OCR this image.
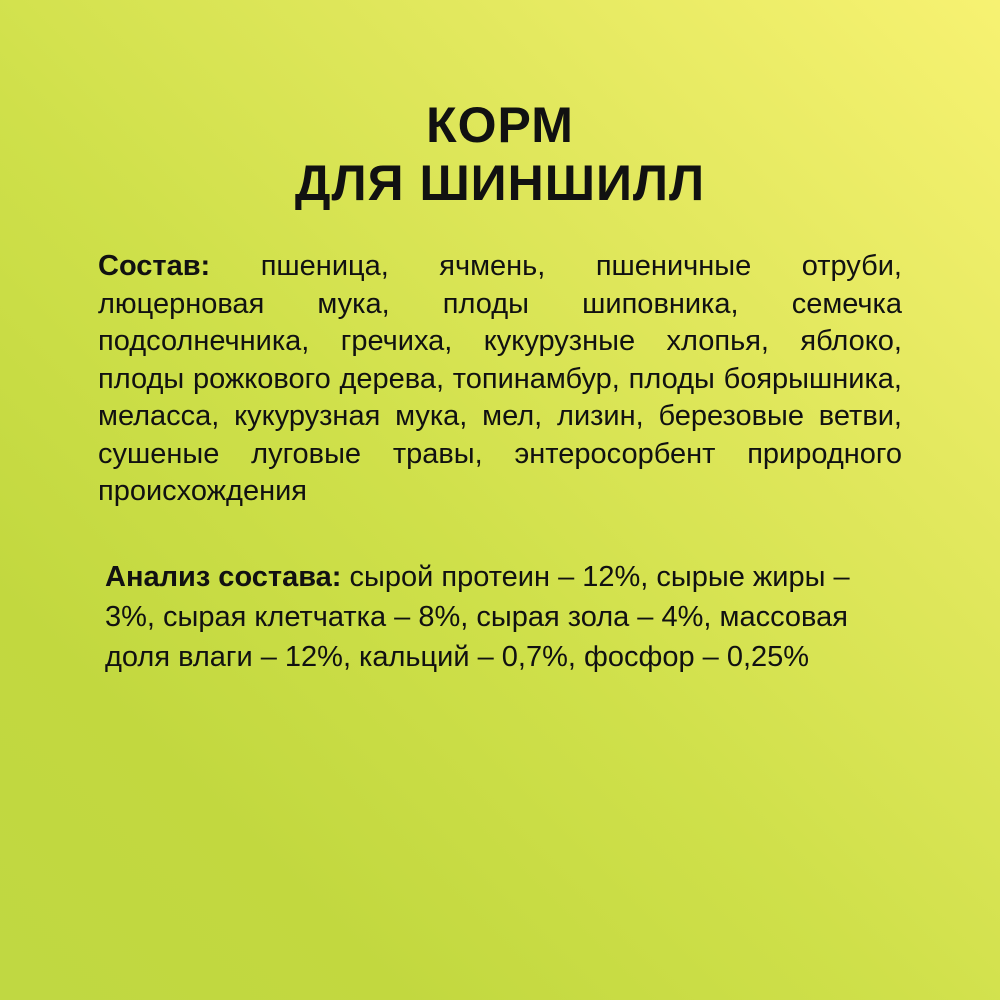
КОРМ
ДЛЯ ШИНШИЛЛ

Состав: пшеница, ячмень, пшеничные отруби, люцерновая мука, плоды шиповника, семечка подсолнечника, гречиха, кукурузные хлопья, яблоко, плоды рожкового дерева, топинамбур, плоды боярышника, меласса, кукурузная мука, мел, лизин, березовые ветви, сушеные луговые травы, энтеросорбент природного происхождения

Анализ состава: сырой протеин – 12%, сырые жиры – 3%, сырая клетчатка – 8%, сырая зола – 4%, массовая доля влаги – 12%, кальций – 0,7%, фосфор – 0,25%
